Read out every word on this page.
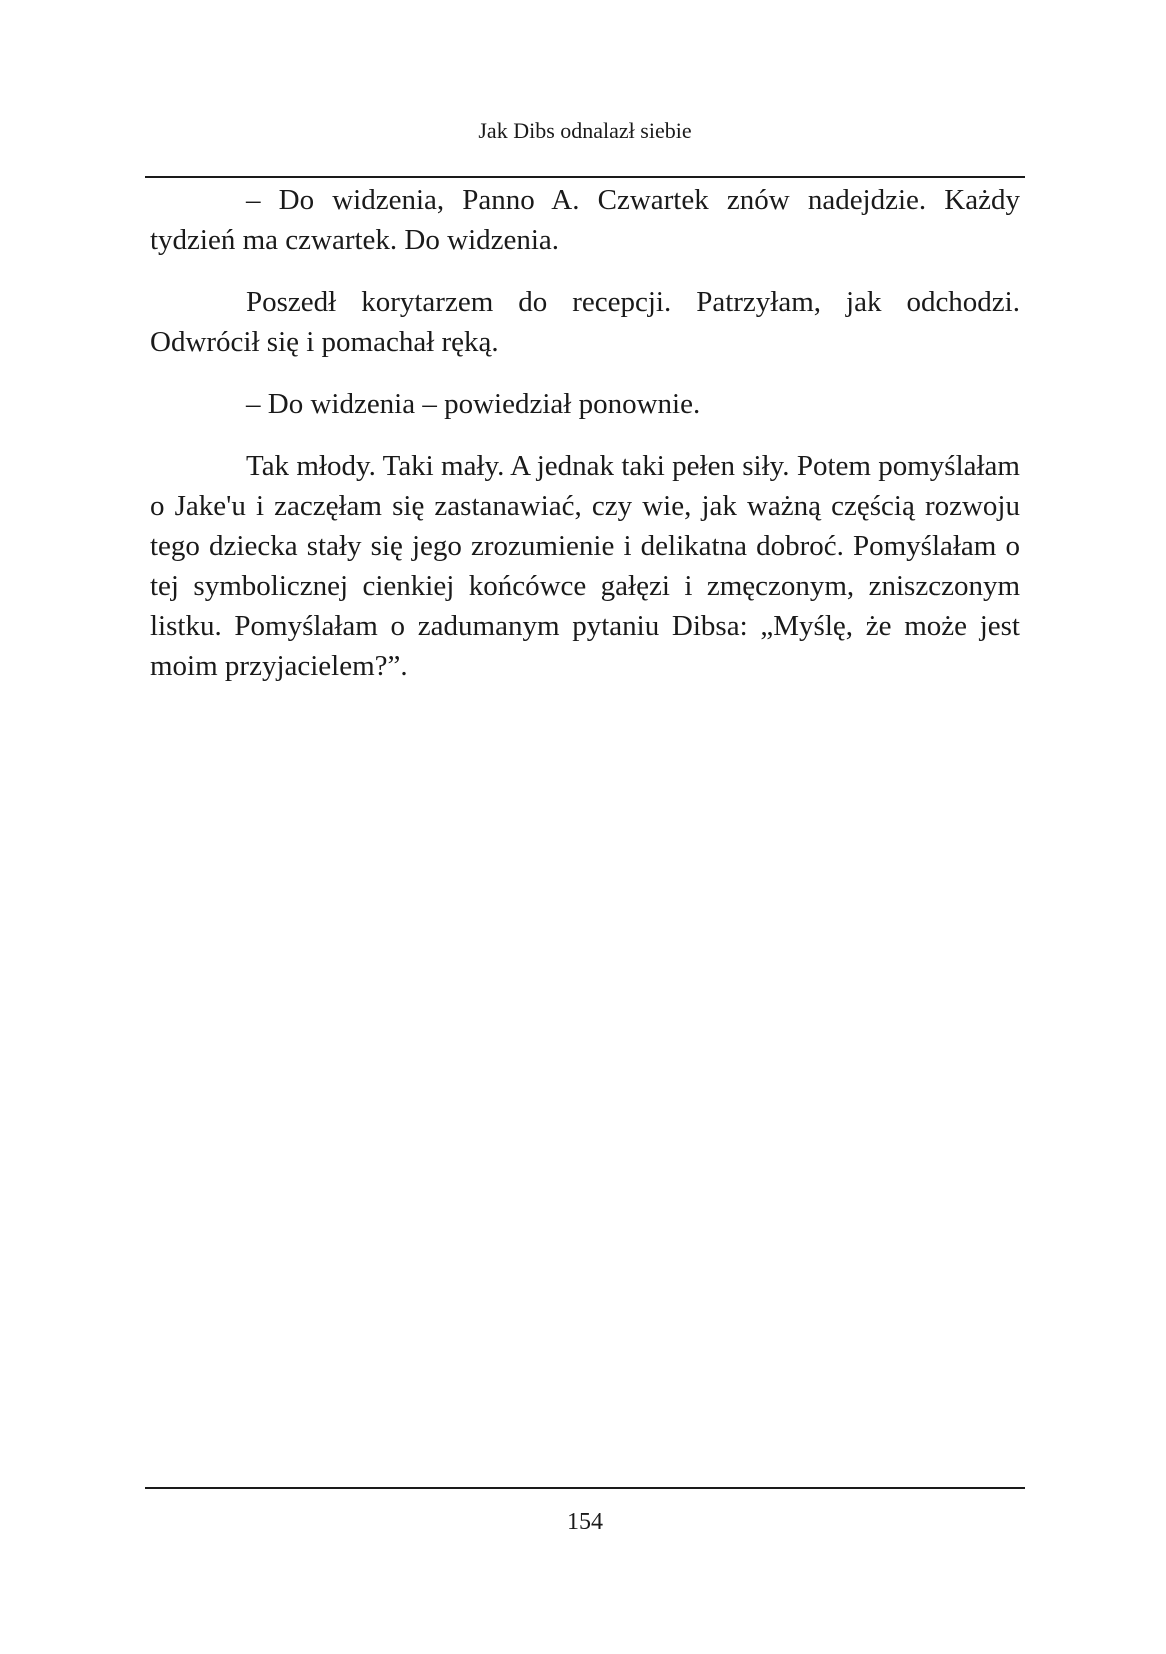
Jak Dibs odnalazł siebie

– Do widzenia, Panno A. Czwartek znów nadejdzie. Każdy tydzień ma czwartek. Do widzenia.

Poszedł korytarzem do recepcji. Patrzyłam, jak odchodzi. Odwrócił się i pomachał ręką.

– Do widzenia – powiedział ponownie.

Tak młody. Taki mały. A jednak taki pełen siły. Potem pomyślałam o Jake'u i zaczęłam się zastanawiać, czy wie, jak ważną częścią rozwoju tego dziecka stały się jego zrozumienie i delikatna dobroć. Pomyślałam o tej symbolicznej cienkiej końcówce gałęzi i zmęczonym, zniszczonym listku. Pomyślałam o zadumanym pytaniu Dibsa: „Myślę, że może jest moim przyjacielem?”.

154
